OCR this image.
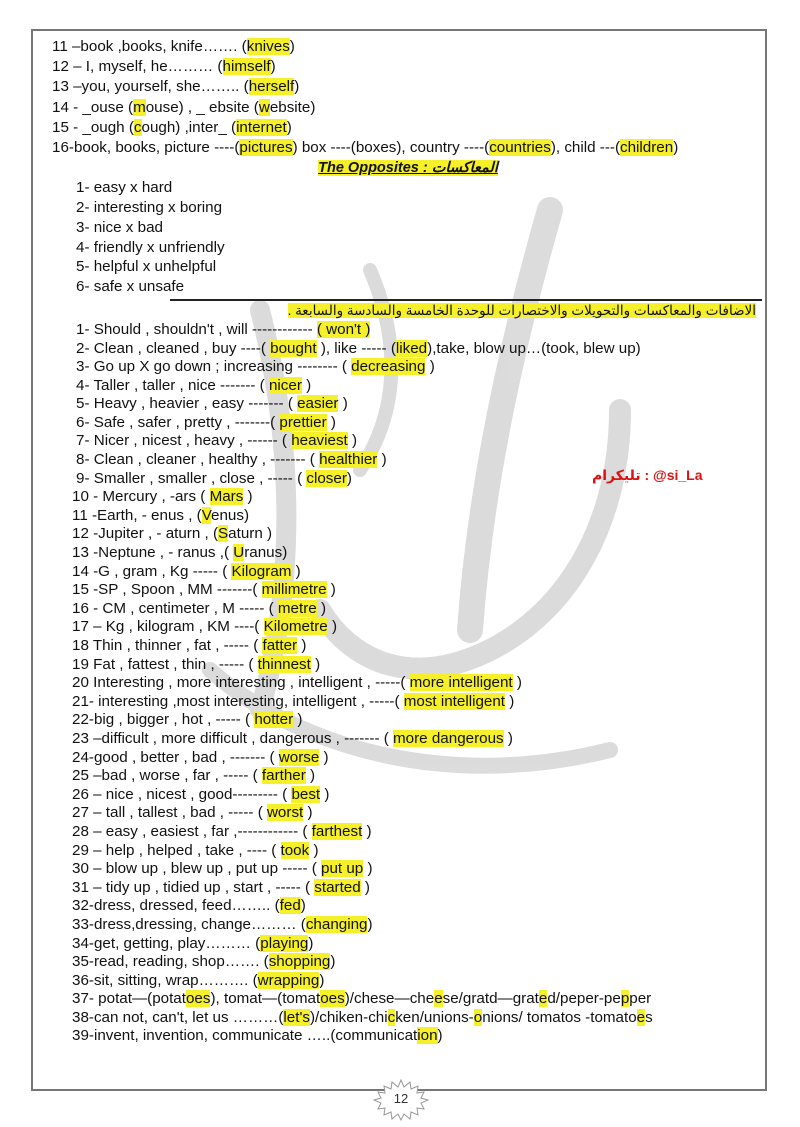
11 –book ,books, knife……. (knives)
12 – I, myself, he……… (himself)
13 –you, yourself, she…….. (herself)
14 - _ouse (mouse) , _ ebsite (website)
15 - _ough (cough) ,inter_ (internet)
16-book, books, picture ----(pictures) box ----(boxes), country ----(countries), child ---(children)
The Opposites : المعاكسات
1- easy x hard
2- interesting x boring
3- nice x bad
4- friendly x unfriendly
5- helpful x unhelpful
6- safe x unsafe
الاضافات والمعاكسات والتحويلات والاختصارات للوحدة الخامسة والسادسة والسابعة .
1- Should , shouldn't , will ------------ ( won't )
2- Clean , cleaned , buy ----( bought ), like ----- (liked),take, blow up…(took, blew up)
3- Go up X go down ; increasing -------- ( decreasing )
4- Taller , taller , nice ------- ( nicer )
5- Heavy , heavier , easy ------- ( easier )
6- Safe , safer , pretty , -------( prettier )
7- Nicer , nicest , heavy , ------ ( heaviest )
8- Clean , cleaner , healthy , ------- ( healthier )
9- Smaller , smaller , close , ----- ( closer)
10 - Mercury , -ars ( Mars )
11 -Earth, - enus , (Venus)
12 -Jupiter , - aturn , (Saturn )
13 -Neptune , - ranus ,( Uranus)
14 -G , gram , Kg ----- ( Kilogram )
15 -SP , Spoon , MM -------( millimetre )
16 - CM , centimeter , M ----- ( metre )
17 – Kg , kilogram , KM ----( Kilometre )
18 Thin , thinner , fat , ----- ( fatter )
19 Fat , fattest , thin , ----- ( thinnest )
20 Interesting , more interesting , intelligent , -----( more intelligent )
21- interesting ,most interesting, intelligent , -----( most intelligent )
22-big , bigger , hot , ----- ( hotter )
23 –difficult , more difficult , dangerous , ------- ( more dangerous )
24-good , better , bad , ------- ( worse )
25 –bad , worse , far , ----- ( farther )
26 – nice , nicest , good--------- ( best )
27 – tall , tallest , bad , ----- ( worst )
28 – easy , easiest , far ,------------ ( farthest )
29 – help , helped , take , ---- ( took )
30 – blow up , blew up , put up ----- ( put up )
31 – tidy up , tidied up , start , ----- ( started )
32-dress, dressed, feed…….. (fed)
33-dress,dressing, change……… (changing)
34-get, getting, play……… (playing)
35-read, reading, shop……. (shopping)
36-sit, sitting, wrap………. (wrapping)
37- potat—(potatoes), tomat—(tomatoes)/chese—cheese/gratd—grated/peper-pepper
38-can not, can't, let us ………(let's)/chiken-chicken/unions-onions/ tomatos -tomatoes
39-invent, invention, communicate …..(communication)
تليكرام : @si_La
12
